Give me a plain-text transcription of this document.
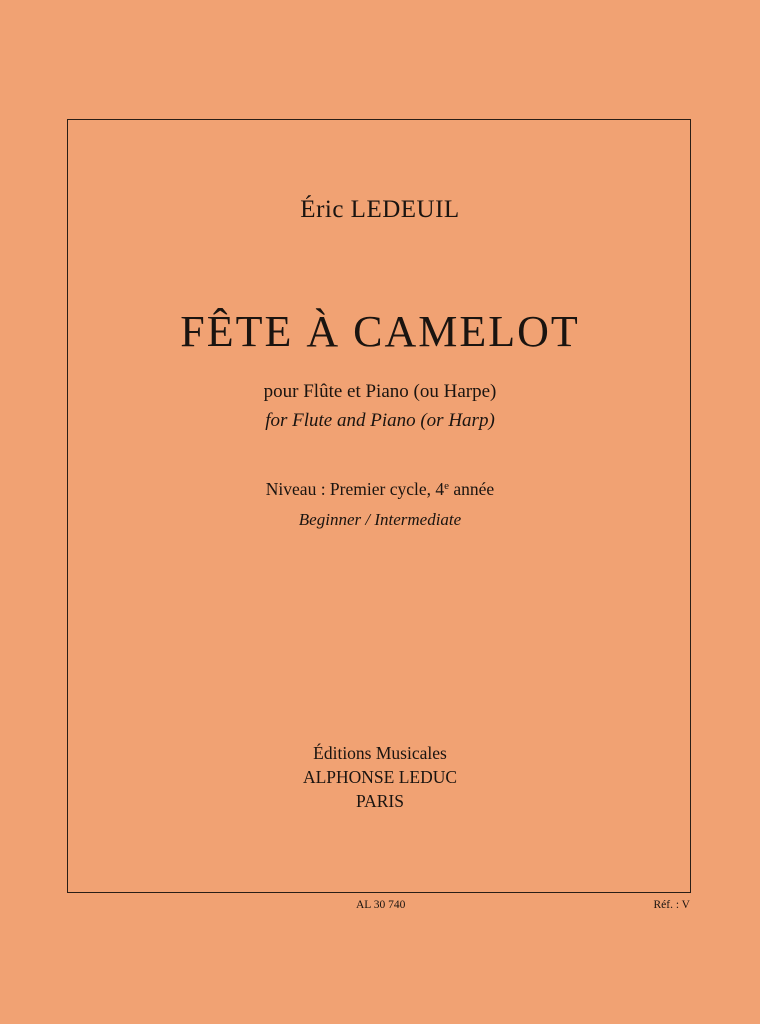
Éric LEDEUIL
FÊTE À CAMELOT
pour Flûte et Piano (ou Harpe)
for Flute and Piano (or Harp)
Niveau : Premier cycle, 4e année
Beginner / Intermediate
Éditions Musicales
ALPHONSE LEDUC
PARIS
AL 30 740	Réf. : V
